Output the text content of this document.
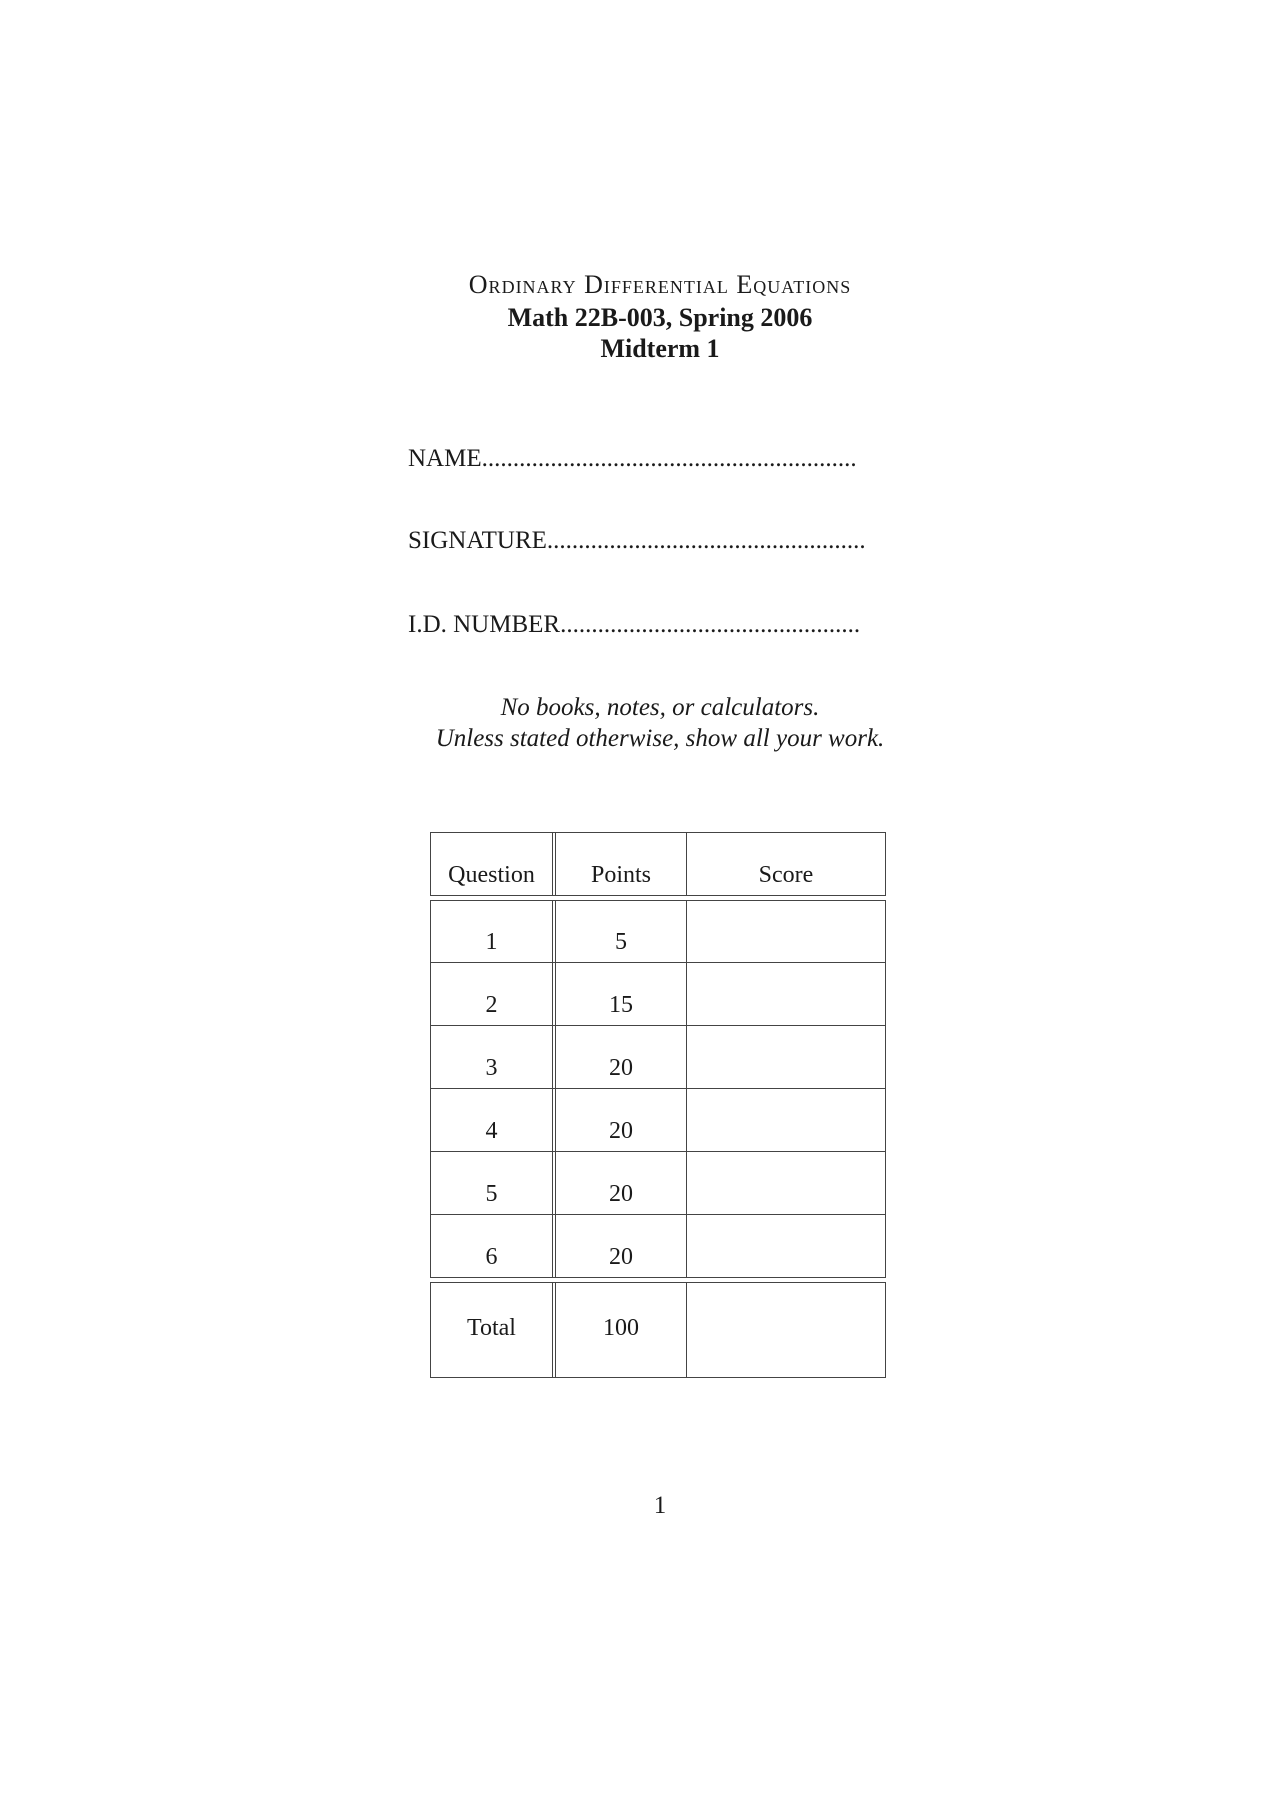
Ordinary Differential Equations
Math 22B-003, Spring 2006
Midterm 1
NAME............................................................
SIGNATURE...................................................
I.D. NUMBER................................................
No books, notes, or calculators.
Unless stated otherwise, show all your work.
Question	Points	Score
1	5
2	15
3	20
4	20
5	20
6	20
Total	100
1
